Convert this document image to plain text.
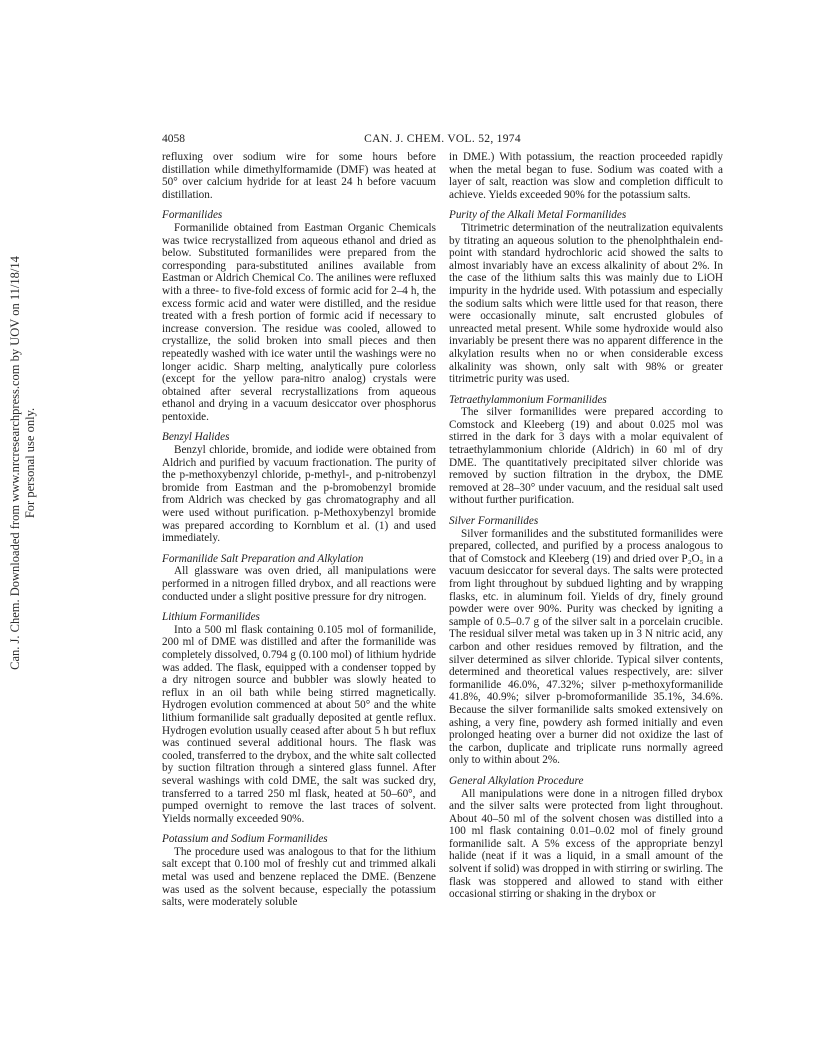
Can. J. Chem. Downloaded from www.nrcresearchpress.com by UOV on 11/18/14 For personal use only.
4058	CAN. J. CHEM. VOL. 52, 1974

refluxing over sodium wire for some hours before distillation while dimethylformamide (DMF) was heated at 50° over calcium hydride for at least 24 h before vacuum distillation.

Formanilides

Formanilide obtained from Eastman Organic Chemicals was twice recrystallized from aqueous ethanol and dried as below. Substituted formanilides were prepared from the corresponding para-substituted anilines available from Eastman or Aldrich Chemical Co. The anilines were refluxed with a three- to five-fold excess of formic acid for 2–4 h, the excess formic acid and water were distilled, and the residue treated with a fresh portion of formic acid if necessary to increase conversion. The residue was cooled, allowed to crystallize, the solid broken into small pieces and then repeatedly washed with ice water until the washings were no longer acidic. Sharp melting, analytically pure colorless (except for the yellow para-nitro analog) crystals were obtained after several recrystallizations from aqueous ethanol and drying in a vacuum desiccator over phosphorus pentoxide.

Benzyl Halides

Benzyl chloride, bromide, and iodide were obtained from Aldrich and purified by vacuum fractionation. The purity of the p-methoxybenzyl chloride, p-methyl-, and p-nitrobenzyl bromide from Eastman and the p-bromobenzyl bromide from Aldrich was checked by gas chromatography and all were used without purification. p-Methoxybenzyl bromide was prepared according to Kornblum et al. (1) and used immediately.

Formanilide Salt Preparation and Alkylation

All glassware was oven dried, all manipulations were performed in a nitrogen filled drybox, and all reactions were conducted under a slight positive pressure for dry nitrogen.

Lithium Formanilides

Into a 500 ml flask containing 0.105 mol of formanilide, 200 ml of DME was distilled and after the formanilide was completely dissolved, 0.794 g (0.100 mol) of lithium hydride was added. The flask, equipped with a condenser topped by a dry nitrogen source and bubbler was slowly heated to reflux in an oil bath while being stirred magnetically. Hydrogen evolution commenced at about 50° and the white lithium formanilide salt gradually deposited at gentle reflux. Hydrogen evolution usually ceased after about 5 h but reflux was continued several additional hours. The flask was cooled, transferred to the drybox, and the white salt collected by suction filtration through a sintered glass funnel. After several washings with cold DME, the salt was sucked dry, transferred to a tarred 250 ml flask, heated at 50–60°, and pumped overnight to remove the last traces of solvent. Yields normally exceeded 90%.

Potassium and Sodium Formanilides

The procedure used was analogous to that for the lithium salt except that 0.100 mol of freshly cut and trimmed alkali metal was used and benzene replaced the DME. (Benzene was used as the solvent because, especially the potassium salts, were moderately soluble

in DME.) With potassium, the reaction proceeded rapidly when the metal began to fuse. Sodium was coated with a layer of salt, reaction was slow and completion difficult to achieve. Yields exceeded 90% for the potassium salts.

Purity of the Alkali Metal Formanilides

Titrimetric determination of the neutralization equivalents by titrating an aqueous solution to the phenolphthalein end-point with standard hydrochloric acid showed the salts to almost invariably have an excess alkalinity of about 2%. In the case of the lithium salts this was mainly due to LiOH impurity in the hydride used. With potassium and especially the sodium salts which were little used for that reason, there were occasionally minute, salt encrusted globules of unreacted metal present. While some hydroxide would also invariably be present there was no apparent difference in the alkylation results when no or when considerable excess alkalinity was shown, only salt with 98% or greater titrimetric purity was used.

Tetraethylammonium Formanilides

The silver formanilides were prepared according to Comstock and Kleeberg (19) and about 0.025 mol was stirred in the dark for 3 days with a molar equivalent of tetraethylammonium chloride (Aldrich) in 60 ml of dry DME. The quantitatively precipitated silver chloride was removed by suction filtration in the drybox, the DME removed at 28–30° under vacuum, and the residual salt used without further purification.

Silver Formanilides

Silver formanilides and the substituted formanilides were prepared, collected, and purified by a process analogous to that of Comstock and Kleeberg (19) and dried over P₂O₅ in a vacuum desiccator for several days. The salts were protected from light throughout by subdued lighting and by wrapping flasks, etc. in aluminum foil. Yields of dry, finely ground powder were over 90%. Purity was checked by igniting a sample of 0.5–0.7 g of the silver salt in a porcelain crucible. The residual silver metal was taken up in 3 N nitric acid, any carbon and other residues removed by filtration, and the silver determined as silver chloride. Typical silver contents, determined and theoretical values respectively, are: silver formanilide 46.0%, 47.32%; silver p-methoxyformanilide 41.8%, 40.9%; silver p-bromoformanilide 35.1%, 34.6%. Because the silver formanilide salts smoked extensively on ashing, a very fine, powdery ash formed initially and even prolonged heating over a burner did not oxidize the last of the carbon, duplicate and triplicate runs normally agreed only to within about 2%.

General Alkylation Procedure

All manipulations were done in a nitrogen filled drybox and the silver salts were protected from light throughout. About 40–50 ml of the solvent chosen was distilled into a 100 ml flask containing 0.01–0.02 mol of finely ground formanilide salt. A 5% excess of the appropriate benzyl halide (neat if it was a liquid, in a small amount of the solvent if solid) was dropped in with stirring or swirling. The flask was stoppered and allowed to stand with either occasional stirring or shaking in the drybox or
